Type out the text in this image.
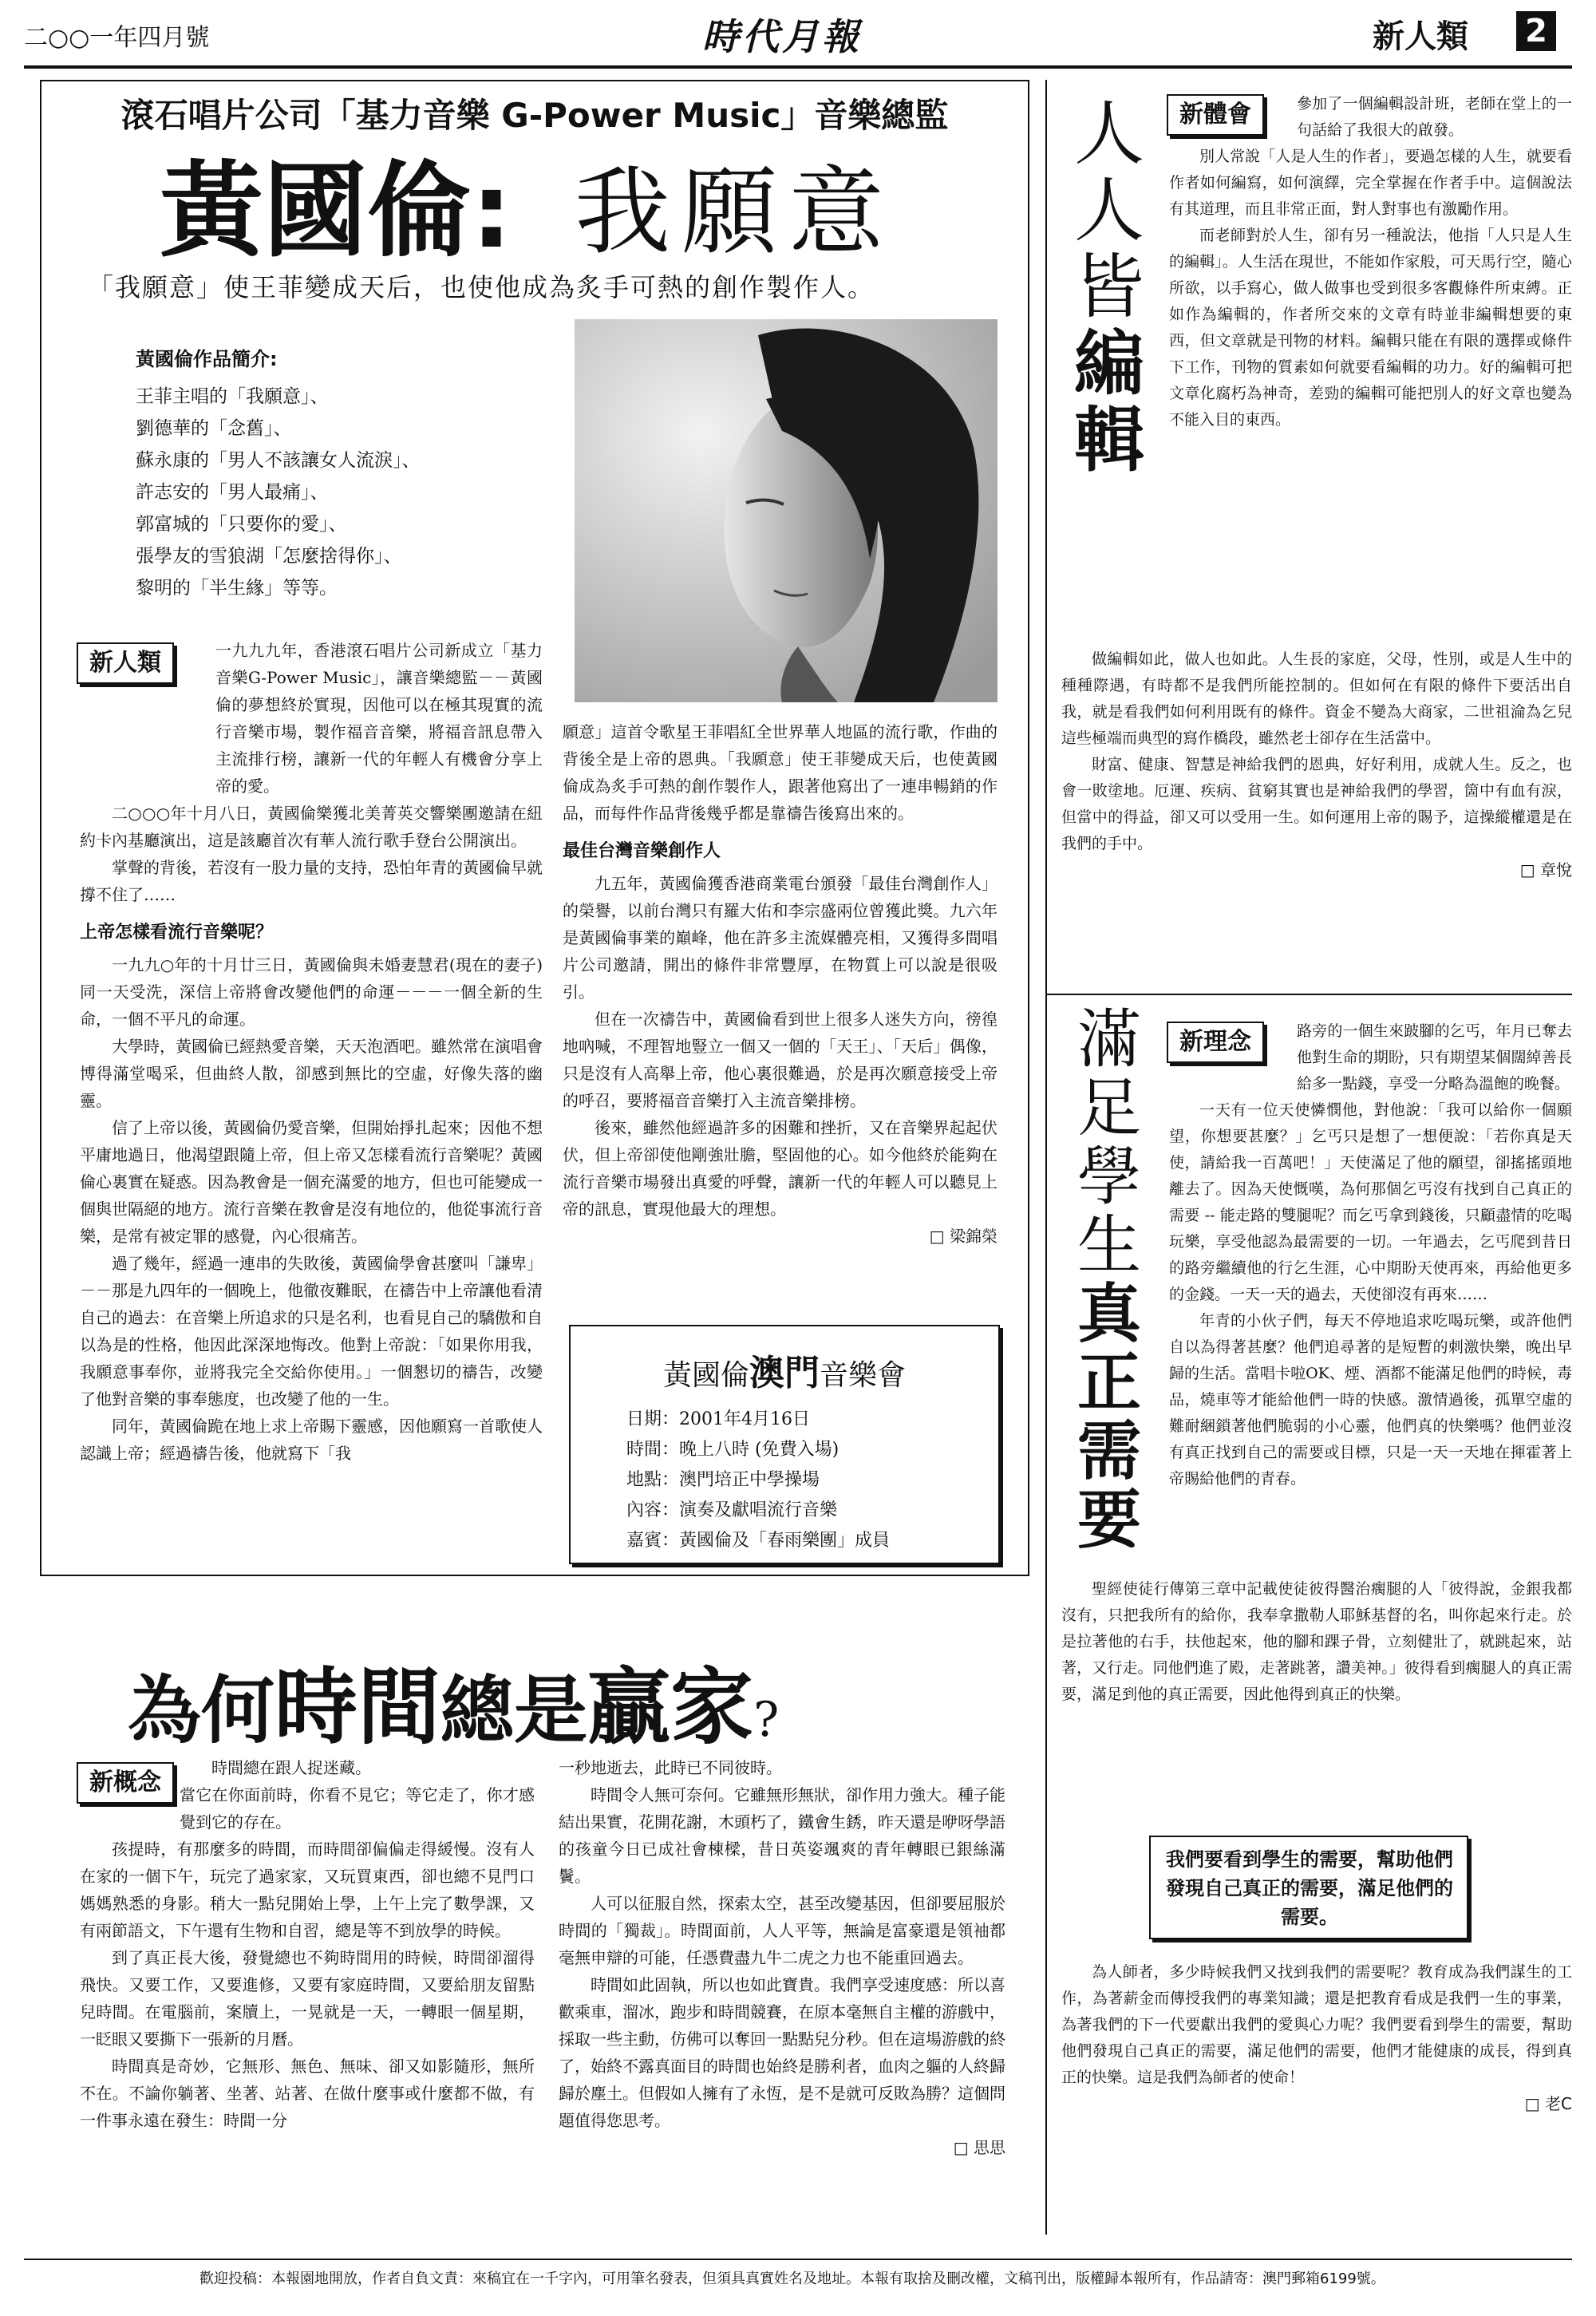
二○○一年四月號	時代月報	新人類 2
滾石唱片公司「基力音樂 G-Power Music」音樂總監
黃國倫: 我願意
「我願意」使王菲變成天后，也使他成為炙手可熱的創作製作人。
黃國倫作品簡介:
王菲主唱的「我願意」、
劉德華的「念舊」、
蘇永康的「男人不該讓女人流淚」、
許志安的「男人最痛」、
郭富城的「只要你的愛」、
張學友的雪狼湖「怎麼捨得你」、
黎明的「半生緣」等等。
新人類	一九九九年，香港滾石唱片公司新成立「基力音樂G-Power Music」，讓音樂總監－－黃國倫的夢想終於實現，因他可以在極其現實的流行音樂市場，製作福音音樂，將福音訊息帶入主流排行榜，讓新一代的年輕人有機會分享上帝的愛。

二○○○年十月八日，黃國倫樂獲北美菁英交響樂團邀請在紐約卡內基廳演出，這是該廳首次有華人流行歌手登台公開演出。

掌聲的背後，若沒有一股力量的支持，恐怕年青的黃國倫早就撐不住了……

上帝怎樣看流行音樂呢？

一九九○年的十月廿三日，黃國倫與未婚妻慧君(現在的妻子)同一天受洗，深信上帝將會改變他們的命運－－－一個全新的生命，一個不平凡的命運。

大學時，黃國倫已經熱愛音樂，天天泡酒吧。雖然常在演唱會博得滿堂喝采，但曲終人散，卻感到無比的空虛，好像失落的幽靈。

信了上帝以後，黃國倫仍愛音樂，但開始掙扎起來；因他不想平庸地過日，他渴望跟隨上帝，但上帝又怎樣看流行音樂呢？黃國倫心裏實在疑惑。因為教會是一個充滿愛的地方，但也可能變成一個與世隔絕的地方。流行音樂在教會是沒有地位的，他從事流行音樂，是常有被定罪的感覺，內心很痛苦。

過了幾年，經過一連串的失敗後，黃國倫學會甚麼叫「謙卑」－－那是九四年的一個晚上，他徹夜難眠，在禱告中上帝讓他看清自己的過去：在音樂上所追求的只是名利，也看見自己的驕傲和自以為是的性格，他因此深深地悔改。他對上帝說：「如果你用我，我願意事奉你，並將我完全交給你使用。」一個懇切的禱告，改變了他對音樂的事奉態度，也改變了他的一生。

同年，黃國倫跪在地上求上帝賜下靈感，因他願寫一首歌使人認識上帝；經過禱告後，他就寫下「我

願意」這首令歌星王菲唱紅全世界華人地區的流行歌，作曲的背後全是上帝的恩典。「我願意」使王菲變成天后，也使黃國倫成為炙手可熱的創作製作人，跟著他寫出了一連串暢銷的作品，而每件作品背後幾乎都是靠禱告後寫出來的。

最佳台灣音樂創作人

九五年，黃國倫獲香港商業電台頒發「最佳台灣創作人」的榮譽，以前台灣只有羅大佑和李宗盛兩位曾獲此獎。九六年是黃國倫事業的巔峰，他在許多主流媒體亮相，又獲得多間唱片公司邀請，開出的條件非常豐厚，在物質上可以說是很吸引。

但在一次禱告中，黃國倫看到世上很多人迷失方向，徬徨地吶喊，不理智地豎立一個又一個的「天王」、「天后」偶像，只是沒有人高舉上帝，他心裏很難過，於是再次願意接受上帝的呼召，要將福音音樂打入主流音樂排榜。

後來，雖然他經過許多的困難和挫折，又在音樂界起起伏伏，但上帝卻使他剛強壯膽，堅固他的心。如今他終於能夠在流行音樂市場發出真愛的呼聲，讓新一代的年輕人可以聽見上帝的訊息，實現他最大的理想。

□ 梁錦榮

黃國倫澳門音樂會
日期：2001年4月16日
時間：晚上八時 (免費入場)
地點：澳門培正中學操場
內容：演奏及獻唱流行音樂
嘉賓：黃國倫及「春雨樂團」成員
人
人
皆
編
輯
新體會	參加了一個編輯設計班，老師在堂上的一句話給了我很大的啟發。

別人常說「人是人生的作者」，要過怎樣的人生，就要看作者如何編寫，如何演繹，完全掌握在作者手中。這個說法有其道理，而且非常正面，對人對事也有激勵作用。

而老師對於人生，卻有另一種說法，他指「人只是人生的編輯」。人生活在現世，不能如作家般，可天馬行空，隨心所欲，以手寫心，做人做事也受到很多客觀條件所束縛。正如作為編輯的，作者所交來的文章有時並非編輯想要的東西，但文章就是刊物的材料。編輯只能在有限的選擇或條件下工作，刊物的質素如何就要看編輯的功力。好的編輯可把文章化腐朽為神奇，差勁的編輯可能把別人的好文章也變為不能入目的東西。

做編輯如此，做人也如此。人生長的家庭，父母，性別，或是人生中的種種際遇，有時都不是我們所能控制的。但如何在有限的條件下要活出自我，就是看我們如何利用既有的條件。資金不變為大商家，二世祖淪為乞兒這些極端而典型的寫作橋段，雖然老士卻存在生活當中。

財富、健康、智慧是神給我們的恩典，好好利用，成就人生。反之，也會一敗塗地。厄運、疾病、貧窮其實也是神給我們的學習，箇中有血有淚，但當中的得益，卻又可以受用一生。如何運用上帝的賜予，這操縱權還是在我們的手中。

□ 章悅

滿
足
學
生
真
正
需
要
新理念	路旁的一個生來跛腳的乞丐，年月已奪去他對生命的期盼，只有期望某個闊綽善長給多一點錢，享受一分略為溫飽的晚餐。

一天有一位天使憐憫他，對他說：「我可以給你一個願望，你想要甚麼？」乞丐只是想了一想便說：「若你真是天使，請給我一百萬吧！」天使滿足了他的願望，卻搖搖頭地離去了。因為天使慨嘆，為何那個乞丐沒有找到自己真正的需要 -- 能走路的雙腿呢？而乞丐拿到錢後，只顧盡情的吃喝玩樂，享受他認為最需要的一切。一年過去，乞丐爬到昔日的路旁繼續他的行乞生涯，心中期盼天使再來，再給他更多的金錢。一天一天的過去，天使卻沒有再來……

年青的小伙子們，每天不停地追求吃喝玩樂，或許他們自以為得著甚麼？他們追尋著的是短暫的刺激快樂，晚出早歸的生活。當唱卡啦OK、煙、酒都不能滿足他們的時候，毒品，燒車等才能給他們一時的快感。激情過後，孤單空虛的難耐綑鎖著他們脆弱的小心靈，他們真的快樂嗎？他們並沒有真正找到自己的需要或目標，只是一天一天地在揮霍著上帝賜給他們的青春。

聖經使徒行傳第三章中記載使徒彼得醫治瘸腿的人「彼得說，金銀我都沒有，只把我所有的給你，我奉拿撒勒人耶穌基督的名，叫你起來行走。於是拉著他的右手，扶他起來，他的腳和踝子骨，立刻健壯了，就跳起來，站著，又行走。同他們進了殿，走著跳著，讚美神。」彼得看到瘸腿人的真正需要，滿足到他的真正需要，因此他得到真正的快樂。

我們要看到學生的需要，幫助他們發現自己真正的需要，滿足他們的需要。

為人師者，多少時候我們又找到我們的需要呢？教育成為我們謀生的工作，為著薪金而傳授我們的專業知識；還是把教育看成是我們一生的事業，為著我們的下一代要獻出我們的愛與心力呢？我們要看到學生的需要，幫助他們發現自己真正的需要，滿足他們的需要，他們才能健康的成長，得到真正的快樂。這是我們為師者的使命！

□ 老C

為何時間總是贏家?
新概念

時間總在跟人捉迷藏。

當它在你面前時，你看不見它；等它走了，你才感覺到它的存在。

孩提時，有那麼多的時間，而時間卻偏偏走得緩慢。沒有人在家的一個下午，玩完了過家家，又玩買東西，卻也總不見門口媽媽熟悉的身影。稍大一點兒開始上學，上午上完了數學課，又有兩節語文，下午還有生物和自習，總是等不到放學的時候。

到了真正長大後，發覺總也不夠時間用的時候，時間卻溜得飛快。又要工作，又要進修，又要有家庭時間，又要給朋友留點兒時間。在電腦前，案牘上，一晃就是一天，一轉眼一個星期，一眨眼又要撕下一張新的月曆。

時間真是奇妙，它無形、無色、無味、卻又如影隨形，無所不在。不論你躺著、坐著、站著、在做什麼事或什麼都不做，有一件事永遠在發生：時間一分

一秒地逝去，此時已不同彼時。

時間令人無可奈何。它雖無形無狀，卻作用力強大。種子能結出果實，花開花謝，木頭朽了，鐵會生銹，昨天還是咿呀學語的孩童今日已成社會棟樑，昔日英姿颯爽的青年轉眼已銀絲滿鬢。

人可以征服自然，探索太空，甚至改變基因，但卻要屈服於時間的「獨裁」。時間面前，人人平等，無論是富豪還是領袖都毫無申辯的可能，任憑費盡九牛二虎之力也不能重回過去。

時間如此固執，所以也如此寶貴。我們享受速度感：所以喜歡乘車，溜冰，跑步和時間競賽，在原本毫無自主權的游戲中，採取一些主動，仿佛可以奪回一點點兒分秒。但在這場游戲的終了，始終不露真面目的時間也始終是勝利者，血肉之軀的人終歸歸於塵土。但假如人擁有了永恆，是不是就可反敗為勝？這個問題值得您思考。

□ 思思

歡迎投稿：本報園地開放，作者自負文責：來稿宜在一千字內，可用筆名發表，但須具真實姓名及地址。本報有取捨及刪改權，文稿刊出，版權歸本報所有，作品請寄：澳門郵箱6199號。
